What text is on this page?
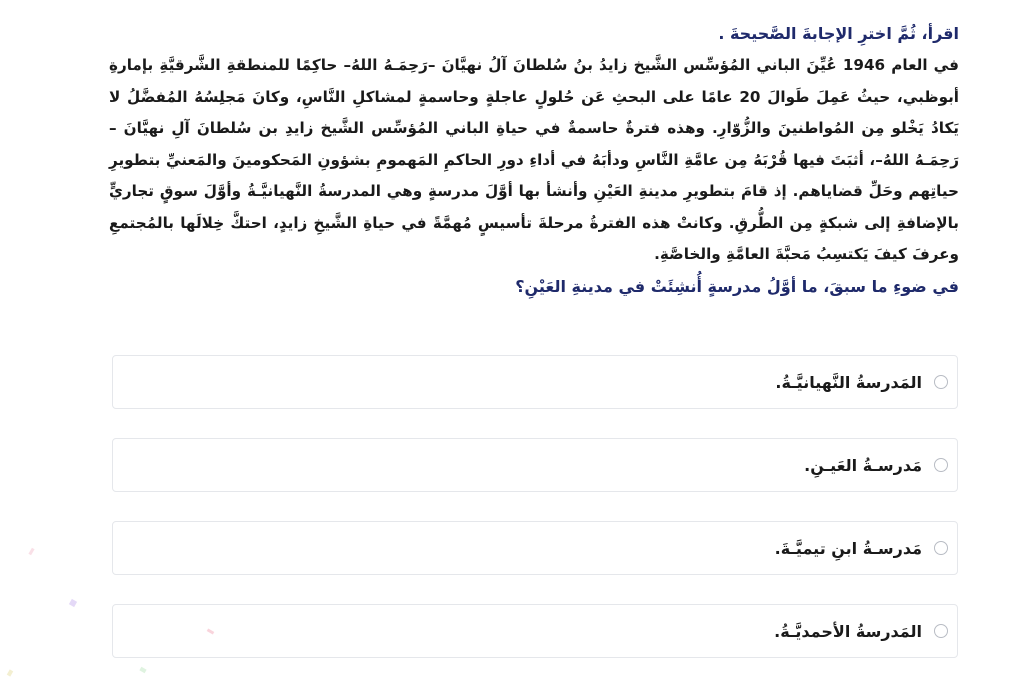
اقرأ، ثُمَّ اخترِ الإجابةَ الصَّحيحةَ .

في العام 1946 عُيِّنَ الباني المُؤسِّس الشَّيخ زايدُ بنُ سُلطانَ آلُ نهيَّانَ –رَحِمَـهُ اللهُ– حاكِمًا للمنطقةِ الشَّرقيَّةِ بإمارةِ أبوظبي، حيثُ عَمِلَ طَوالَ 20 عامًا على البحثِ عَن حُلولٍ عاجلةٍ وحاسمةٍ لمشاكلِ النَّاسِ، وكانَ مَجلِسُهُ المُفضَّلُ لا يَكادُ يَخْلو مِن المُواطنينَ والزُّوّارِ. وهذه فترةٌ حاسمةٌ في حياةِ الباني المُؤسِّس الشَّيخ زايدِ بن سُلطانَ آلِ نهيَّانَ –رَحِمَـهُ اللهُ–، أثبَتَ فيها قُرْبَهُ مِن عامَّةِ النَّاسِ ودأبَهُ في أداءِ دورِ الحاكمِ المَهمومِ بشؤونِ المَحكومينَ والمَعنيِّ بتطويرِ حياتِهم وحَلِّ قضاياهم. إذ قامَ بتطويرِ مدينةِ العَيْنِ وأنشأ بها أوَّلَ مدرسةٍ وهي المدرسةُ النَّهيانيَّـةُ وأوَّلَ سوقٍ تجاريٍّ بالإضافةِ إلى شبكةٍ مِن الطُّرقِ. وكانتْ هذه الفترةُ مرحلةَ تأسيسٍ مُهمَّةً في حياةِ الشَّيخِ زايدٍ، احتكَّ خِلالَها بالمُجتمعِ وعرفَ كيفَ يَكتسِبُ مَحبَّةَ العامَّةِ والخاصَّةِ.

في ضوءِ ما سبقَ، ما أوَّلُ مدرسةٍ أُنشِئَتْ في مدينةِ العَيْنِ؟

المَدرسةُ النَّهيانيَّـةُ.
مَدرسـةُ العَيـنِ.
مَدرسـةُ ابنِ تيميَّـةَ.
المَدرسةُ الأحمديَّـةُ.
